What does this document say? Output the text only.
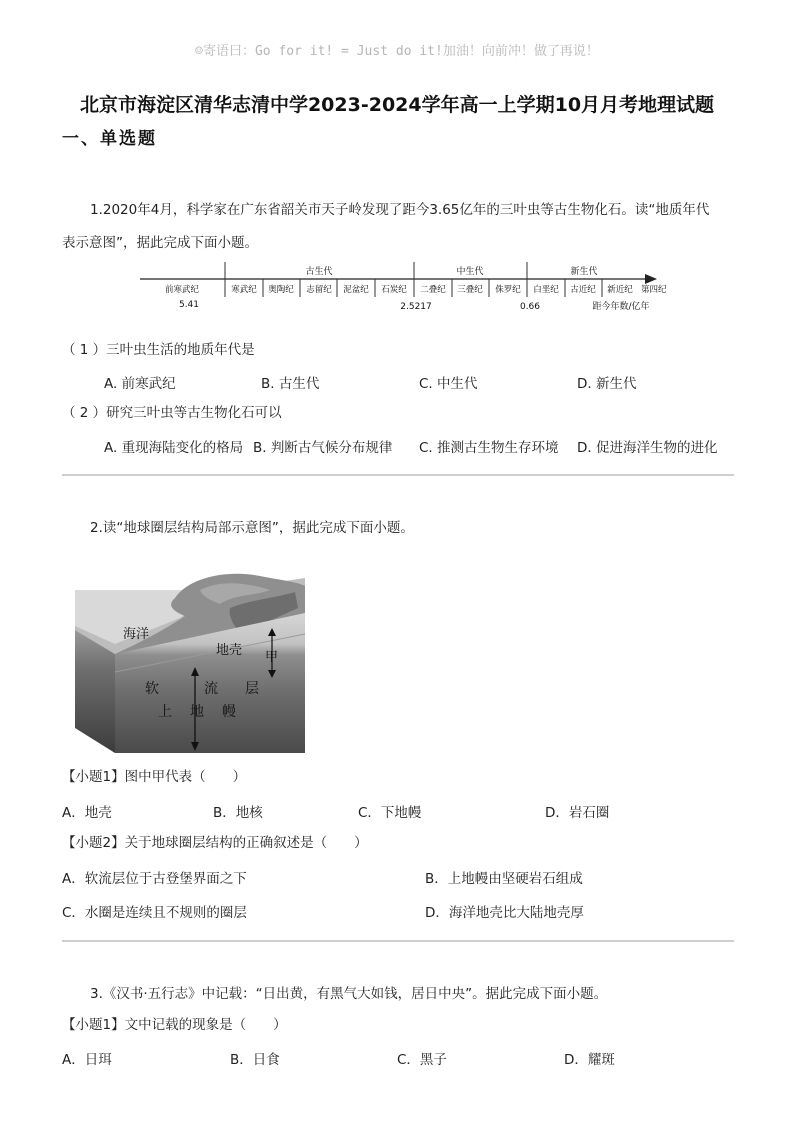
☺寄语曰：Go for it! = Just do it!加油！向前冲！做了再说！
北京市海淀区清华志清中学2023-2024学年高一上学期10月月考地理试题
一、单选题
1.2020年4月，科学家在广东省韶关市天子岭发现了距今3.65亿年的三叶虫等古生物化石。读“地质年代
表示意图”，据此完成下面小题。
古生代	中生代	新生代
前寒武纪	寒武纪 奥陶纪 志留纪 泥盆纪 石炭纪 二叠纪 三叠纪 侏罗纪 白垩纪 古近纪 新近纪 第四纪
5.41	2.5217	0.66	距今年数/亿年
（ 1 ）三叶虫生活的地质年代是
A. 前寒武纪	B. 古生代	C. 中生代	D. 新生代
（ 2 ）研究三叶虫等古生物化石可以
A. 重现海陆变化的格局 B. 判断古气候分布规律 C. 推测古生物生存环境 D. 促进海洋生物的进化
2.读“地球圈层结构局部示意图”，据此完成下面小题。
海洋
地壳 甲
软	流 层
上 地 幔
【小题1】图中甲代表（　　）
A．地壳	B．地核	C．下地幔	D．岩石圈
【小题2】关于地球圈层结构的正确叙述是（　　）
A．软流层位于古登堡界面之下	B．上地幔由坚硬岩石组成
C．水圈是连续且不规则的圈层	D．海洋地壳比大陆地壳厚
3.《汉书·五行志》中记载：“日出黄，有黑气大如钱，居日中央”。据此完成下面小题。
【小题1】文中记载的现象是（　　）
A．日珥	B．日食	C．黑子	D．耀斑
